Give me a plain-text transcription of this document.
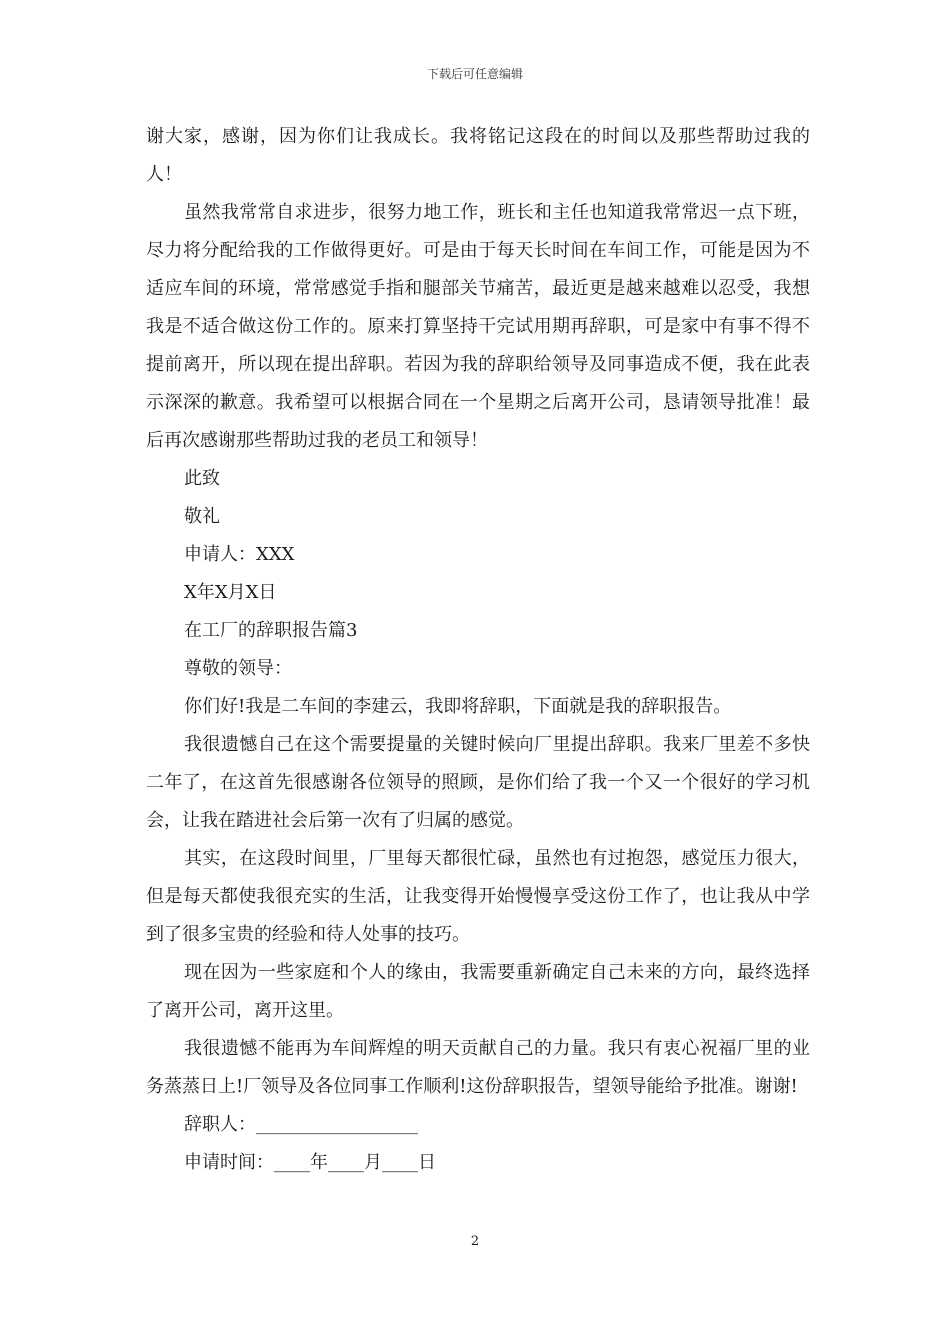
下载后可任意编辑

谢大家，感谢，因为你们让我成长。我将铭记这段在的时间以及那些帮助过我的人！

虽然我常常自求进步，很努力地工作，班长和主任也知道我常常迟一点下班，尽力将分配给我的工作做得更好。可是由于每天长时间在车间工作，可能是因为不适应车间的环境，常常感觉手指和腿部关节痛苦，最近更是越来越难以忍受，我想我是不适合做这份工作的。原来打算坚持干完试用期再辞职，可是家中有事不得不提前离开，所以现在提出辞职。若因为我的辞职给领导及同事造成不便，我在此表示深深的歉意。我希望可以根据合同在一个星期之后离开公司，恳请领导批准！最后再次感谢那些帮助过我的老员工和领导！

此致

敬礼

申请人：XXX

X年X月X日

在工厂的辞职报告篇3

尊敬的领导：

你们好!我是二车间的李建云，我即将辞职，下面就是我的辞职报告。

我很遗憾自己在这个需要提量的关键时候向厂里提出辞职。我来厂里差不多快二年了，在这首先很感谢各位领导的照顾，是你们给了我一个又一个很好的学习机会，让我在踏进社会后第一次有了归属的感觉。

其实，在这段时间里，厂里每天都很忙碌，虽然也有过抱怨，感觉压力很大，但是每天都使我很充实的生活，让我变得开始慢慢享受这份工作了，也让我从中学到了很多宝贵的经验和待人处事的技巧。

现在因为一些家庭和个人的缘由，我需要重新确定自己未来的方向，最终选择了离开公司，离开这里。

我很遗憾不能再为车间辉煌的明天贡献自己的力量。我只有衷心祝福厂里的业务蒸蒸日上!厂领导及各位同事工作顺利!这份辞职报告，望领导能给予批准。谢谢!

辞职人：__________________

申请时间：____年____月____日

2
